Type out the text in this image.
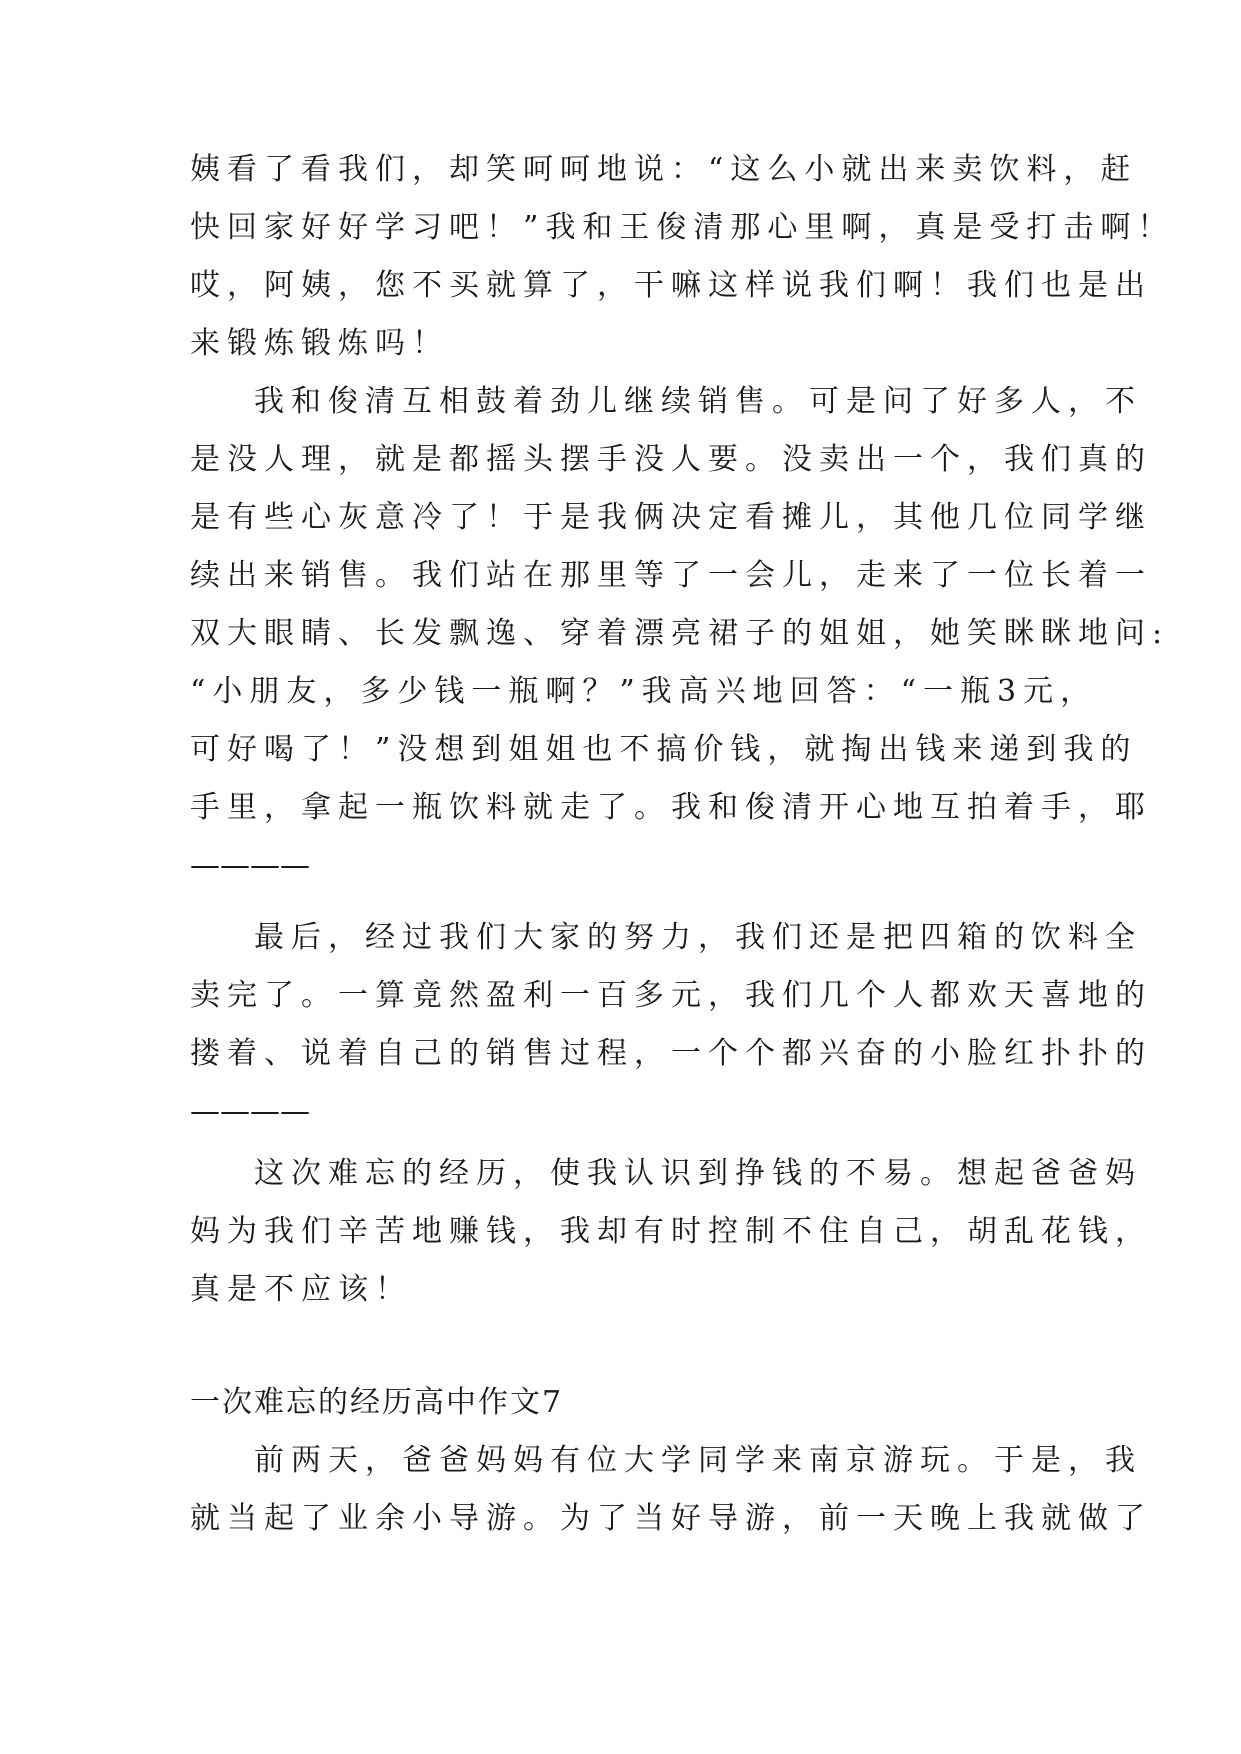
姨看了看我们，却笑呵呵地说：“这么小就出来卖饮料，赶
快回家好好学习吧！”我和王俊清那心里啊，真是受打击啊！
哎，阿姨，您不买就算了，干嘛这样说我们啊！我们也是出
来锻炼锻炼吗！
我和俊清互相鼓着劲儿继续销售。可是问了好多人，不
是没人理，就是都摇头摆手没人要。没卖出一个，我们真的
是有些心灰意冷了！于是我俩决定看摊儿，其他几位同学继
续出来销售。我们站在那里等了一会儿，走来了一位长着一
双大眼睛、长发飘逸、穿着漂亮裙子的姐姐，她笑眯眯地问:
“小朋友，多少钱一瓶啊？”我高兴地回答：“一瓶3元，
可好喝了！”没想到姐姐也不搞价钱，就掏出钱来递到我的
手里，拿起一瓶饮料就走了。我和俊清开心地互拍着手，耶
————
最后，经过我们大家的努力，我们还是把四箱的饮料全
卖完了。一算竟然盈利一百多元，我们几个人都欢天喜地的
搂着、说着自己的销售过程，一个个都兴奋的小脸红扑扑的
————
这次难忘的经历，使我认识到挣钱的不易。想起爸爸妈
妈为我们辛苦地赚钱，我却有时控制不住自己，胡乱花钱，
真是不应该！
一次难忘的经历高中作文7
前两天，爸爸妈妈有位大学同学来南京游玩。于是，我
就当起了业余小导游。为了当好导游，前一天晚上我就做了
